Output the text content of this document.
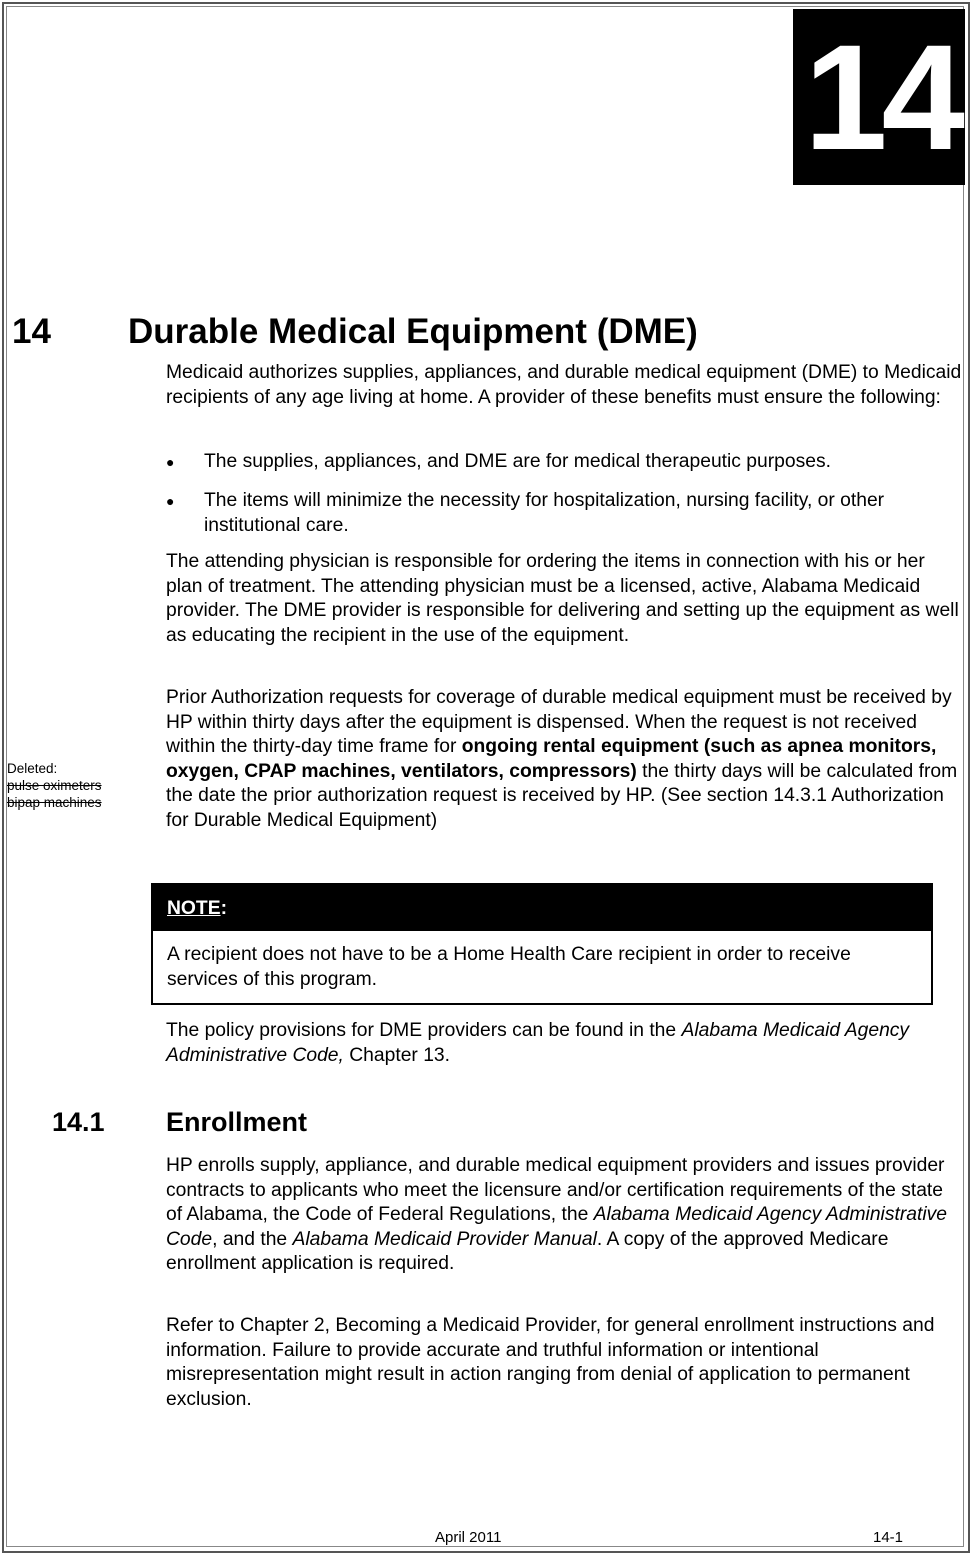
14
14 Durable Medical Equipment (DME)

Medicaid authorizes supplies, appliances, and durable medical equipment (DME) to Medicaid recipients of any age living at home. A provider of these benefits must ensure the following:

● The supplies, appliances, and DME are for medical therapeutic purposes.
● The items will minimize the necessity for hospitalization, nursing facility, or other institutional care.

The attending physician is responsible for ordering the items in connection with his or her plan of treatment. The attending physician must be a licensed, active, Alabama Medicaid provider. The DME provider is responsible for delivering and setting up the equipment as well as educating the recipient in the use of the equipment.

Prior Authorization requests for coverage of durable medical equipment must be received by HP within thirty days after the equipment is dispensed. When the request is not received within the thirty-day time frame for ongoing rental equipment (such as apnea monitors, oxygen, CPAP machines, ventilators, compressors) the thirty days will be calculated from the date the prior authorization request is received by HP. (See section 14.3.1 Authorization for Durable Medical Equipment)

Deleted:
pulse oximeters
bipap machines
NOTE:
A recipient does not have to be a Home Health Care recipient in order to receive services of this program.

The policy provisions for DME providers can be found in the Alabama Medicaid Agency Administrative Code, Chapter 13.

14.1 Enrollment

HP enrolls supply, appliance, and durable medical equipment providers and issues provider contracts to applicants who meet the licensure and/or certification requirements of the state of Alabama, the Code of Federal Regulations, the Alabama Medicaid Agency Administrative Code, and the Alabama Medicaid Provider Manual. A copy of the approved Medicare enrollment application is required.

Refer to Chapter 2, Becoming a Medicaid Provider, for general enrollment instructions and information. Failure to provide accurate and truthful information or intentional misrepresentation might result in action ranging from denial of application to permanent exclusion.

April 2011	14-1
